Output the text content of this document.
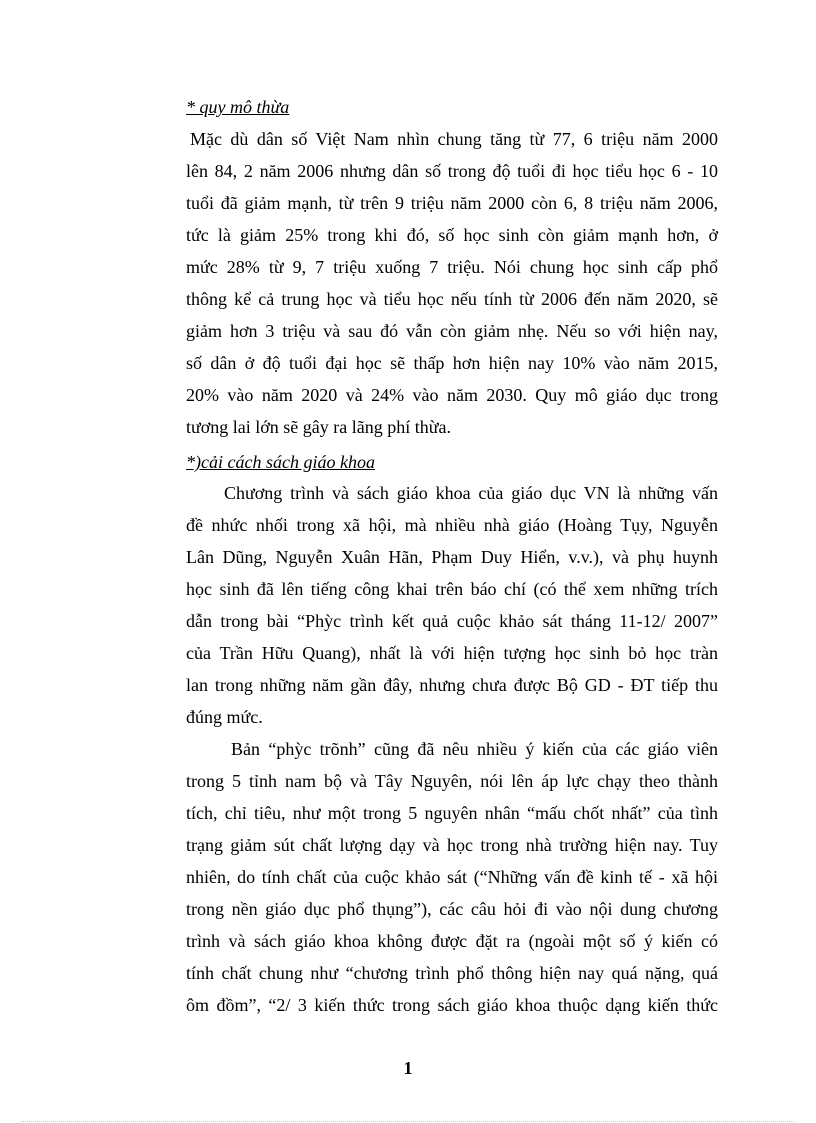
* quy mô thừa
Mặc dù dân số Việt Nam nhìn chung tăng từ 77, 6 triệu năm 2000
lên 84, 2 năm 2006 nhưng dân số trong độ tuổi đi học tiểu học 6 - 10
tuổi đã giảm mạnh, từ trên 9 triệu năm 2000 còn 6, 8 triệu năm 2006,
tức là giảm 25% trong khi đó, số học sinh còn giảm mạnh hơn, ở
mức 28% từ 9, 7 triệu xuống 7 triệu. Nói chung học sinh cấp phổ
thông kể cả trung học và tiểu học nếu tính từ 2006 đến năm 2020, sẽ
giảm hơn 3 triệu và sau đó vẫn còn giảm nhẹ. Nếu so với hiện nay,
số dân ở độ tuổi đại học sẽ thấp hơn hiện nay 10% vào năm 2015,
20% vào năm 2020 và 24% vào năm 2030. Quy mô giáo dục trong
tương lai lớn sẽ gây ra lãng phí thừa.
*)cải cách sách giáo khoa
Chương trình và sách giáo khoa của giáo dục VN là những vấn
đề nhức nhối trong xã hội, mà nhiều nhà giáo (Hoàng Tụy, Nguyễn
Lân Dũng, Nguyễn Xuân Hãn, Phạm Duy Hiển, v.v.), và phụ huynh
học sinh đã lên tiếng công khai trên báo chí (có thể xem những trích
dẫn trong bài “Phỳc trình kết quả cuộc khảo sát tháng 11-12/ 2007”
của Trần Hữu Quang), nhất là với hiện tượng học sinh bỏ học tràn
lan trong những năm gần đây, nhưng chưa được Bộ GD - ĐT tiếp thu
đúng mức.
Bản “phỳc trõnh” cũng đã nêu nhiều ý kiến của các giáo viên
trong 5 tỉnh nam bộ và Tây Nguyên, nói lên áp lực chạy theo thành
tích, chỉ tiêu, như một trong 5 nguyên nhân “mấu chốt nhất” của tình
trạng giảm sút chất lượng dạy và học trong nhà trường hiện nay. Tuy
nhiên, do tính chất của cuộc khảo sát (“Những vấn đề kinh tế - xã hội
trong nền giáo dục phổ thụng”), các câu hỏi đi vào nội dung chương
trình và sách giáo khoa không được đặt ra (ngoài một số ý kiến có
tính chất chung như “chương trình phổ thông hiện nay quá nặng, quá
ôm đồm”, “2/ 3 kiến thức trong sách giáo khoa thuộc dạng kiến thức
1
